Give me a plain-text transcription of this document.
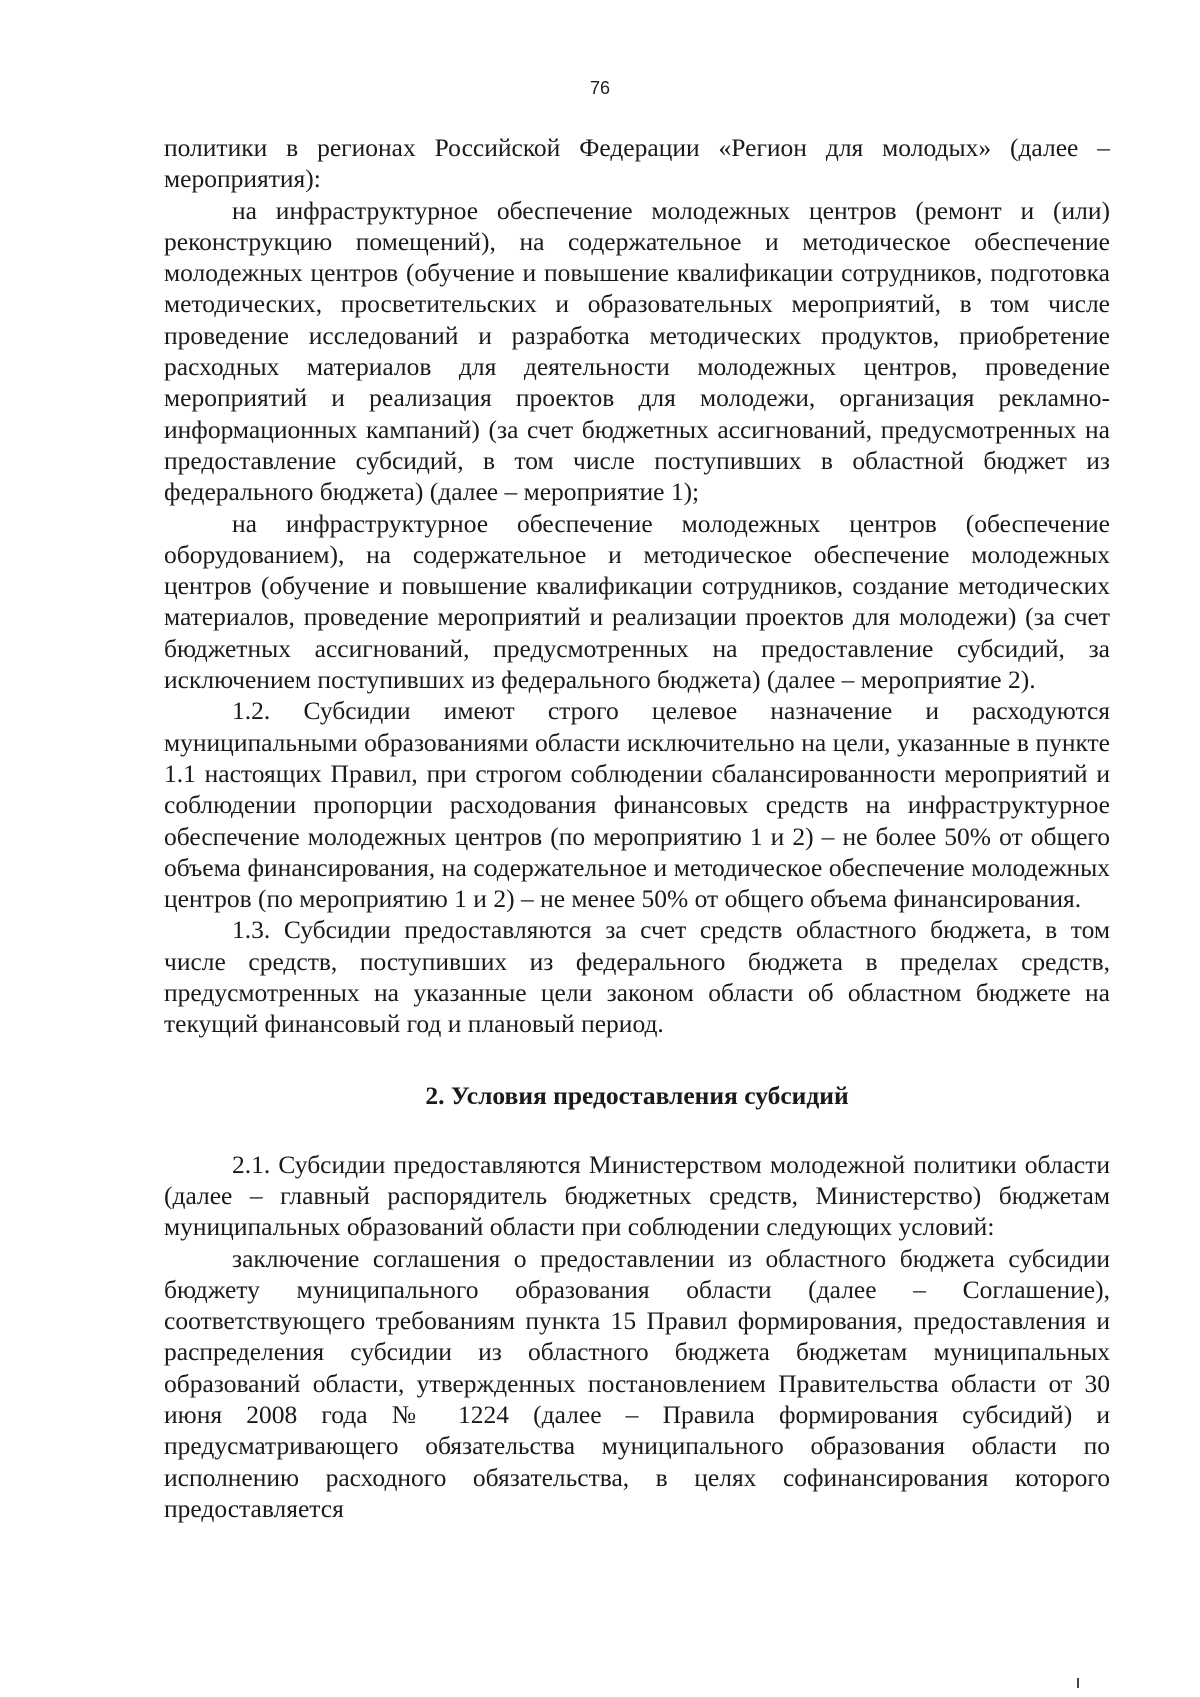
76

политики в регионах Российской Федерации «Регион для молодых» (далее – мероприятия):

на инфраструктурное обеспечение молодежных центров (ремонт и (или) реконструкцию помещений), на содержательное и методическое обеспечение молодежных центров (обучение и повышение квалификации сотрудников, подготовка методических, просветительских и образовательных мероприятий, в том числе проведение исследований и разработка методических продуктов, приобретение расходных материалов для деятельности молодежных центров, проведение мероприятий и реализация проектов для молодежи, организация рекламно-информационных кампаний) (за счет бюджетных ассигнований, предусмотренных на предоставление субсидий, в том числе поступивших в областной бюджет из федерального бюджета) (далее – мероприятие 1);

на инфраструктурное обеспечение молодежных центров (обеспечение оборудованием), на содержательное и методическое обеспечение молодежных центров (обучение и повышение квалификации сотрудников, создание методических материалов, проведение мероприятий и реализации проектов для молодежи) (за счет бюджетных ассигнований, предусмотренных на предоставление субсидий, за исключением поступивших из федерального бюджета) (далее – мероприятие 2).

1.2. Субсидии имеют строго целевое назначение и расходуются муниципальными образованиями области исключительно на цели, указанные в пункте 1.1 настоящих Правил, при строгом соблюдении сбалансированности мероприятий и соблюдении пропорции расходования финансовых средств на инфраструктурное обеспечение молодежных центров (по мероприятию 1 и 2) – не более 50% от общего объема финансирования, на содержательное и методическое обеспечение молодежных центров (по мероприятию 1 и 2) – не менее 50% от общего объема финансирования.

1.3. Субсидии предоставляются за счет средств областного бюджета, в том числе средств, поступивших из федерального бюджета в пределах средств, предусмотренных на указанные цели законом области об областном бюджете на текущий финансовый год и плановый период.

2. Условия предоставления субсидий

2.1. Субсидии предоставляются Министерством молодежной политики области (далее – главный распорядитель бюджетных средств, Министерство) бюджетам муниципальных образований области при соблюдении следующих условий:

заключение соглашения о предоставлении из областного бюджета субсидии бюджету муниципального образования области (далее – Соглашение), соответствующего требованиям пункта 15 Правил формирования, предоставления и распределения субсидии из областного бюджета бюджетам муниципальных образований области, утвержденных постановлением Правительства области от 30 июня 2008 года № 1224 (далее – Правила формирования субсидий) и предусматривающего обязательства муниципального образования области по исполнению расходного обязательства, в целях софинансирования которого предоставляется
